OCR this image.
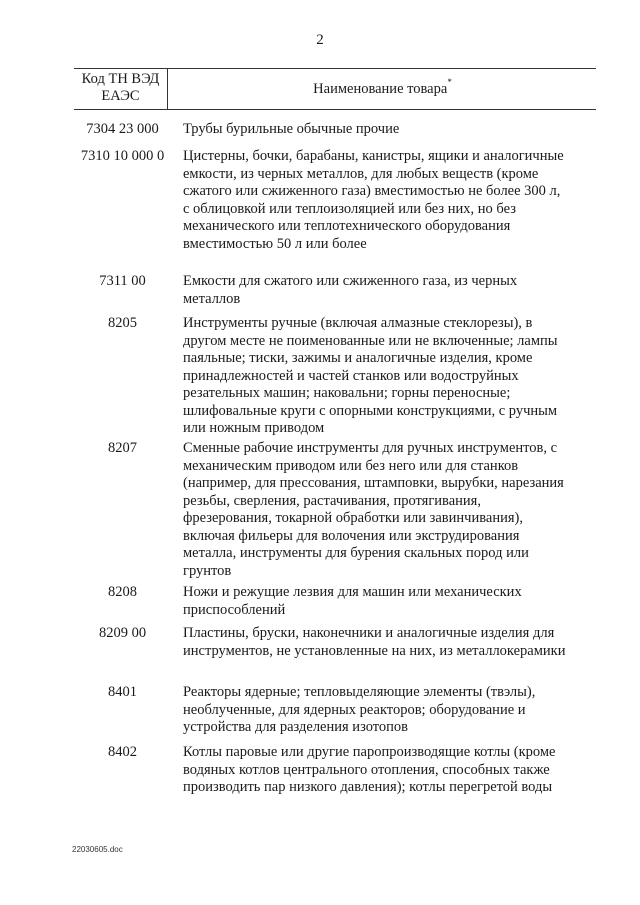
2
Код ТН ВЭД ЕАЭС	Наименование товара*
7304 23 000	Трубы бурильные обычные прочие
7310 10 000 0	Цистерны, бочки, барабаны, канистры, ящики и аналогичные емкости, из черных металлов, для любых веществ (кроме сжатого или сжиженного газа) вместимостью не более 300 л, с облицовкой или теплоизоляцией или без них, но без механического или теплотехнического оборудования вместимостью 50 л или более
7311 00	Емкости для сжатого или сжиженного газа, из черных металлов
8205	Инструменты ручные (включая алмазные стеклорезы), в другом месте не поименованные или не включенные; лампы паяльные; тиски, зажимы и аналогичные изделия, кроме принадлежностей и частей станков или водоструйных резательных машин; наковальни; горны переносные; шлифовальные круги с опорными конструкциями, с ручным или ножным приводом
8207	Сменные рабочие инструменты для ручных инструментов, с механическим приводом или без него или для станков (например, для прессования, штамповки, вырубки, нарезания резьбы, сверления, растачивания, протягивания, фрезерования, токарной обработки или завинчивания), включая фильеры для волочения или экструдирования металла, инструменты для бурения скальных пород или грунтов
8208	Ножи и режущие лезвия для машин или механических приспособлений
8209 00	Пластины, бруски, наконечники и аналогичные изделия для инструментов, не установленные на них, из металлокерамики
8401	Реакторы ядерные; тепловыделяющие элементы (твэлы), необлученные, для ядерных реакторов; оборудование и устройства для разделения изотопов
8402	Котлы паровые или другие паропроизводящие котлы (кроме водяных котлов центрального отопления, способных также производить пар низкого давления); котлы перегретой воды
22030605.doc
